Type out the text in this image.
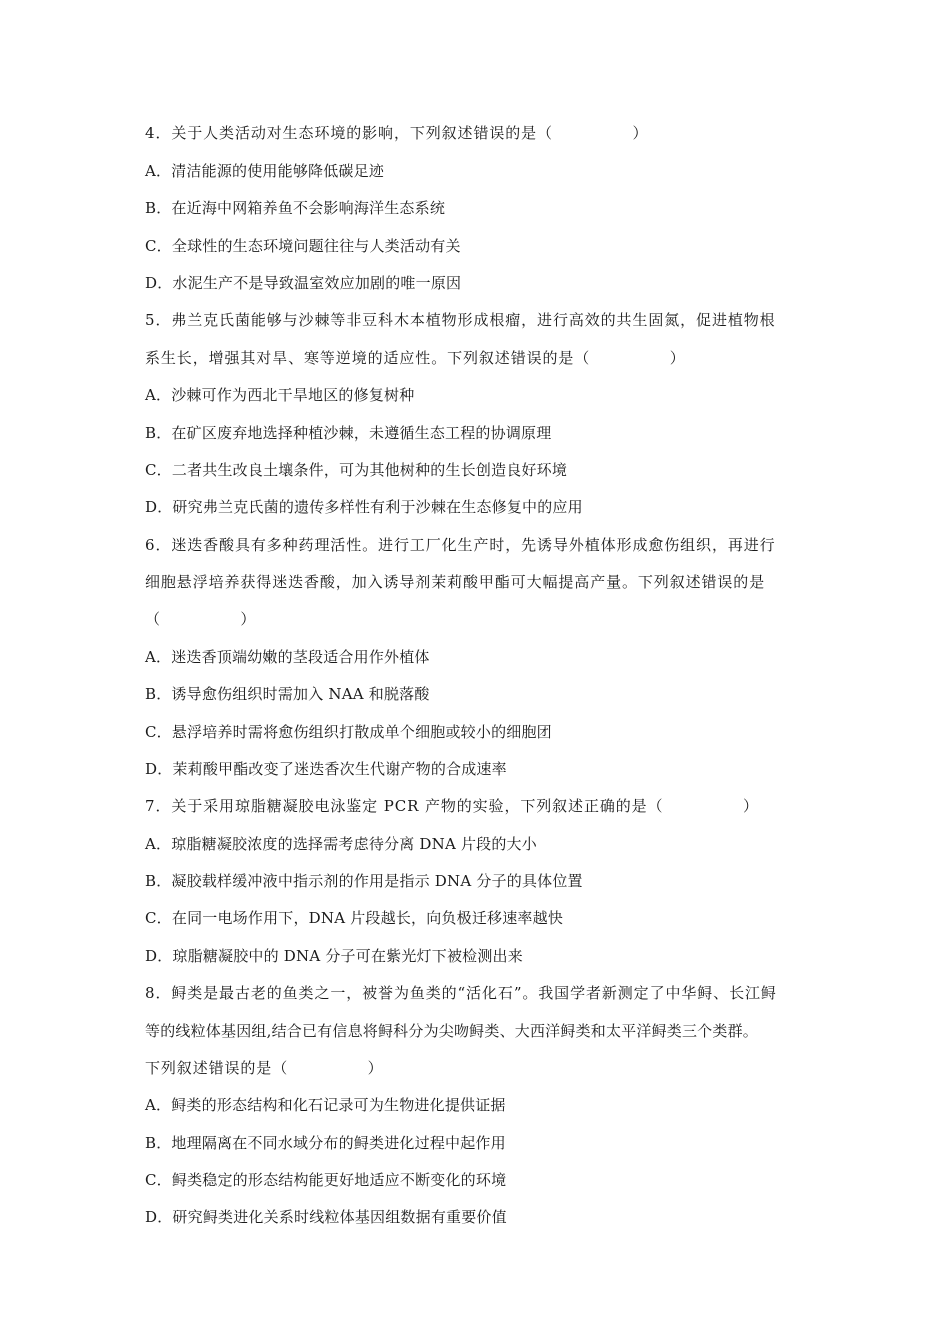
4．关于人类活动对生态环境的影响，下列叙述错误的是（　　　　　）
A．清洁能源的使用能够降低碳足迹
B．在近海中网箱养鱼不会影响海洋生态系统
C．全球性的生态环境问题往往与人类活动有关
D．水泥生产不是导致温室效应加剧的唯一原因
5．弗兰克氏菌能够与沙棘等非豆科木本植物形成根瘤，进行高效的共生固氮，促进植物根
系生长，增强其对旱、寒等逆境的适应性。下列叙述错误的是（　　　　　）
A．沙棘可作为西北干旱地区的修复树种
B．在矿区废弃地选择种植沙棘，未遵循生态工程的协调原理
C．二者共生改良土壤条件，可为其他树种的生长创造良好环境
D．研究弗兰克氏菌的遗传多样性有利于沙棘在生态修复中的应用
6．迷迭香酸具有多种药理活性。进行工厂化生产时，先诱导外植体形成愈伤组织，再进行
细胞悬浮培养获得迷迭香酸，加入诱导剂茉莉酸甲酯可大幅提高产量。下列叙述错误的是
（　　　　　）
A．迷迭香顶端幼嫩的茎段适合用作外植体
B．诱导愈伤组织时需加入 NAA 和脱落酸
C．悬浮培养时需将愈伤组织打散成单个细胞或较小的细胞团
D．茉莉酸甲酯改变了迷迭香次生代谢产物的合成速率
7．关于采用琼脂糖凝胶电泳鉴定 PCR 产物的实验，下列叙述正确的是（　　　　　）
A．琼脂糖凝胶浓度的选择需考虑待分离 DNA 片段的大小
B．凝胶载样缓冲液中指示剂的作用是指示 DNA 分子的具体位置
C．在同一电场作用下，DNA 片段越长，向负极迁移速率越快
D．琼脂糖凝胶中的 DNA 分子可在紫光灯下被检测出来
8．鲟类是最古老的鱼类之一，被誉为鱼类的“活化石”。我国学者新测定了中华鲟、长江鲟
等的线粒体基因组,结合已有信息将鲟科分为尖吻鲟类、大西洋鲟类和太平洋鲟类三个类群。
下列叙述错误的是（　　　　　）
A．鲟类的形态结构和化石记录可为生物进化提供证据
B．地理隔离在不同水域分布的鲟类进化过程中起作用
C．鲟类稳定的形态结构能更好地适应不断变化的环境
D．研究鲟类进化关系时线粒体基因组数据有重要价值
